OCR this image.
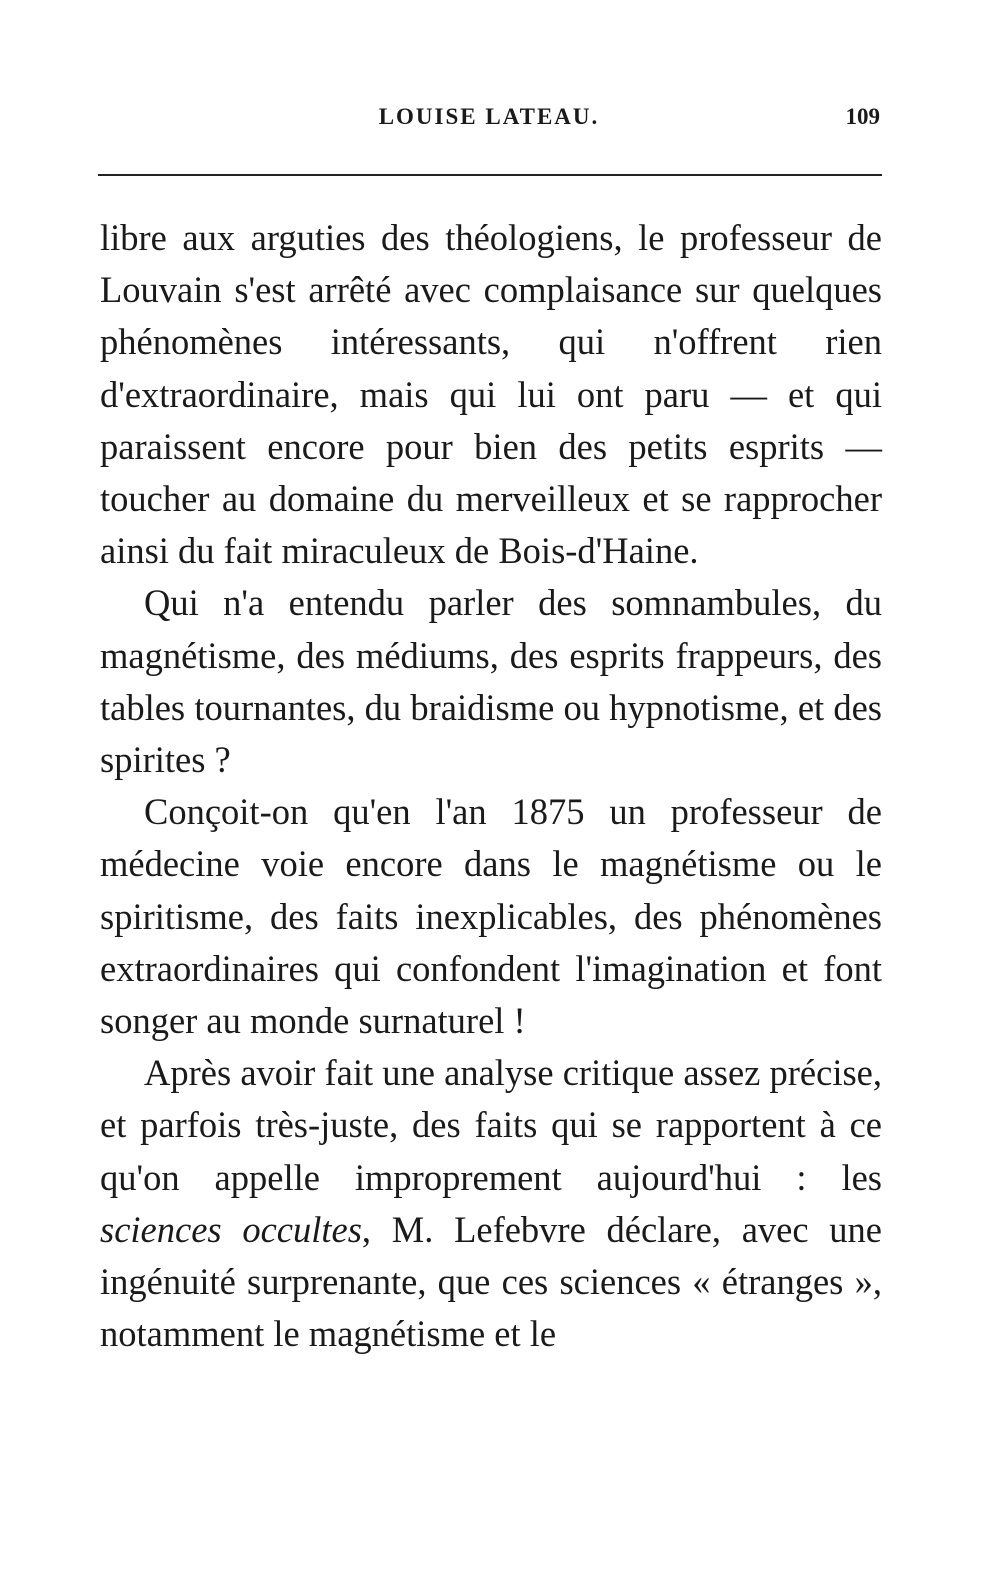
LOUISE LATEAU.	109

libre aux arguties des théologiens, le professeur de Louvain s'est arrêté avec complaisance sur quelques phénomènes intéressants, qui n'offrent rien d'extraordinaire, mais qui lui ont paru — et qui paraissent encore pour bien des petits esprits — toucher au domaine du merveilleux et se rapprocher ainsi du fait miraculeux de Bois-d'Haine.

Qui n'a entendu parler des somnambules, du magnétisme, des médiums, des esprits frappeurs, des tables tournantes, du braidisme ou hypnotisme, et des spirites ?

Conçoit-on qu'en l'an 1875 un professeur de médecine voie encore dans le magnétisme ou le spiritisme, des faits inexplicables, des phénomènes extraordinaires qui confondent l'imagination et font songer au monde surnaturel !

Après avoir fait une analyse critique assez précise, et parfois très-juste, des faits qui se rapportent à ce qu'on appelle improprement aujourd'hui : les sciences occultes, M. Lefebvre déclare, avec une ingénuité surprenante, que ces sciences « étranges », notamment le magnétisme et le
